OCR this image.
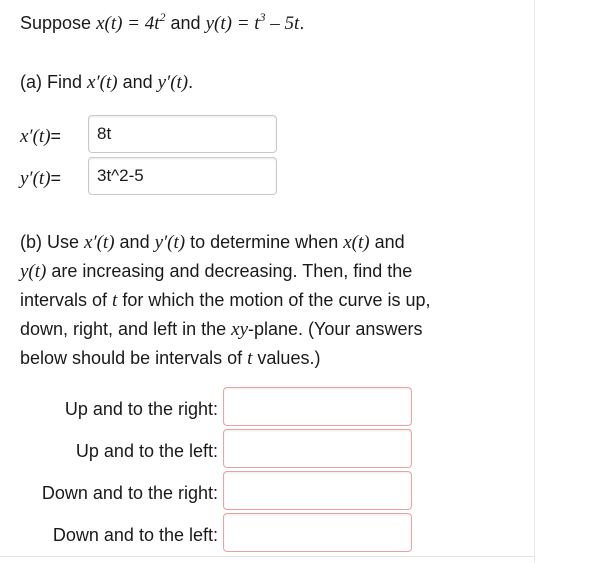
Suppose $x(t) = 4t^2$ and $y(t) = t^3 - 5t$.
(a) Find x′(t) and y′(t).
x′(t)=	8t
y′(t)=	3t^2-5
(b) Use x′(t) and y′(t) to determine when x(t) and
y(t) are increasing and decreasing. Then, find the
intervals of t for which the motion of the curve is up,
down, right, and left in the xy-plane. (Your answers
below should be intervals of t values.)
Up and to the right:
Up and to the left:
Down and to the right:
Down and to the left:
